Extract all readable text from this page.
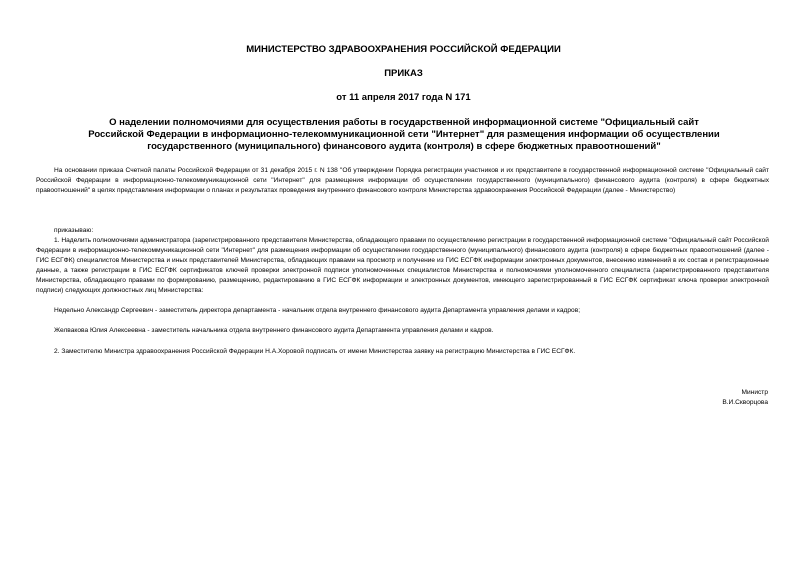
МИНИСТЕРСТВО ЗДРАВООХРАНЕНИЯ РОССИЙСКОЙ ФЕДЕРАЦИИ
ПРИКАЗ
от 11 апреля 2017 года N 171
О наделении полномочиями для осуществления работы в государственной информационной системе "Официальный сайт Российской Федерации в информационно-телекоммуникационной сети "Интернет" для размещения информации об осуществлении государственного (муниципального) финансового аудита (контроля) в сфере бюджетных правоотношений"
На основании приказа Счетной палаты Российской Федерации от 31 декабря 2015 г. N 138 "Об утверждении Порядка регистрации участников и их представителе в государственной информационной системе "Официальный сайт Российской Федерации в информационно-телекоммуникационной сети "Интернет" для размещения информации об осуществлении государственного (муниципального) финансового аудита (контроля) в сфере бюджетных правоотношений" в целях представления информации о планах и результатах проведения внутреннего финансового контроля Министерства здравоохранения Российской Федерации (далее - Министерство)
приказываю:
1. Наделить полномочиями администратора (зарегистрированного представителя Министерства, обладающего правами по осуществлению регистрации в государственной информационной системе "Официальный сайт Российской Федерации в информационно-телекоммуникационной сети "Интернет" для размещения информации об осуществлении государственного (муниципального) финансового аудита (контроля) в сфере бюджетных правоотношений (далее - ГИС ЕСГФК) специалистов Министерства и иных представителей Министерства, обладающих правами на просмотр и получение из ГИС ЕСГФК информации электронных документов, внесению изменений в их состав и регистрационные данные, а также регистрации в ГИС ЕСГФК сертификатов ключей проверки электронной подписи уполномоченных специалистов Министерства и полномочиями уполномоченного специалиста (зарегистрированного представителя Министерства, обладающего правами по формированию, размещению, редактированию в ГИС ЕСГФК информации и электронных документов, имеющего зарегистрированный в ГИС ЕСГФК сертификат ключа проверки электронной подписи) следующих должностных лиц Министерства:
Недельно Александр Сергеевич - заместитель директора департамента - начальник отдела внутреннего финансового аудита Департамента управления делами и кадров;
Желвакова Юлия Алексеевна - заместитель начальника отдела внутреннего финансового аудита Департамента управления делами и кадров.
2. Заместителю Министра здравоохранения Российской Федерации Н.А.Хоровой подписать от имени Министерства заявку на регистрацию Министерства в ГИС ЕСГФК.
Министр
В.И.Скворцова
